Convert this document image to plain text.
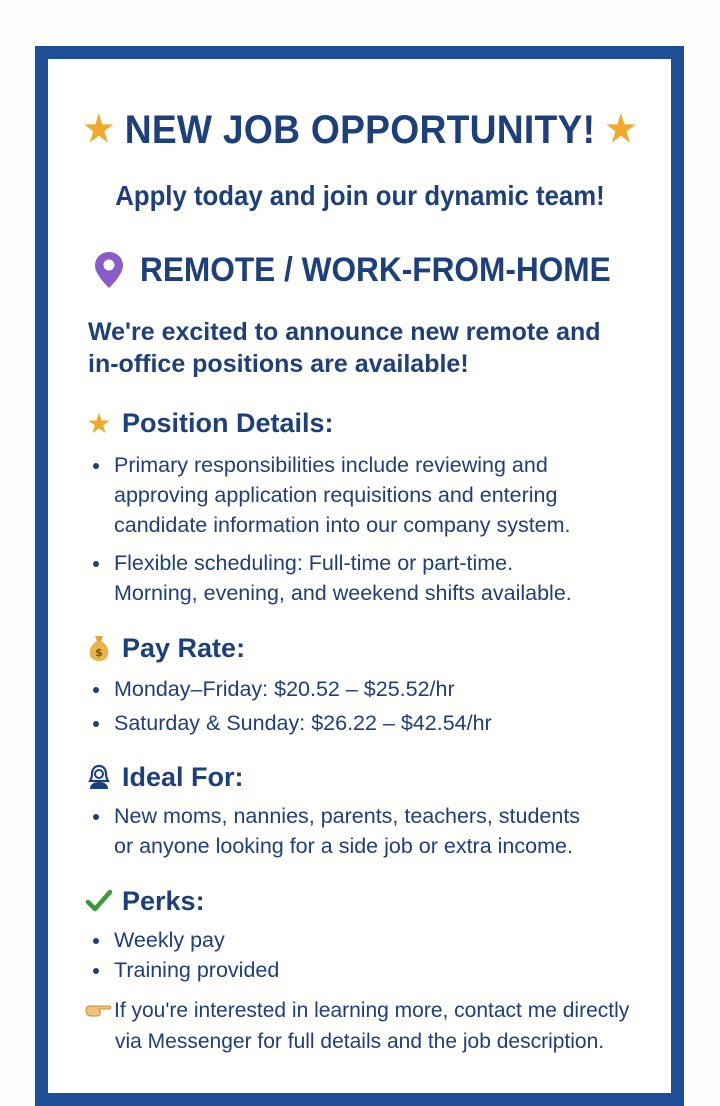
★ NEW JOB OPPORTUNITY! ★
Apply today and join our dynamic team!
REMOTE / WORK-FROM-HOME
We're excited to announce new remote and
in-office positions are available!
★ Position Details:
Primary responsibilities include reviewing and
approving application requisitions and entering
candidate information into our company system.
Flexible scheduling: Full-time or part-time.
Morning, evening, and weekend shifts available.
$ Pay Rate:
Monday–Friday: $20.52 – $25.52/hr
Saturday & Sunday: $26.22 – $42.54/hr
Ideal For:
New moms, nannies, parents, teachers, students
or anyone looking for a side job or extra income.
Perks:
Weekly pay
Training provided
If you're interested in learning more, contact me directly
via Messenger for full details and the job description.
